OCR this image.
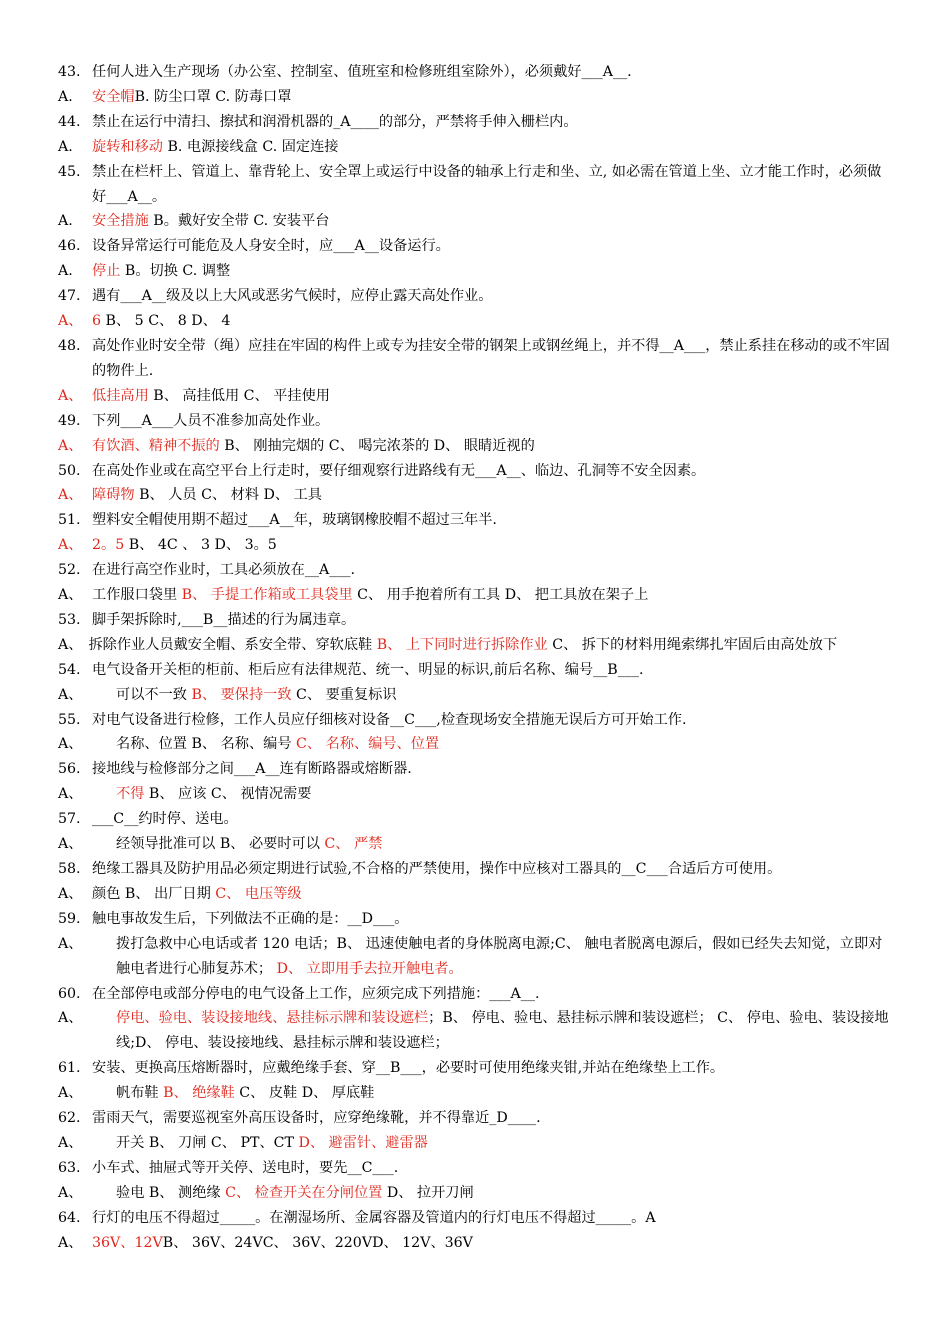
43. 任何人进入生产现场（办公室、控制室、值班室和检修班组室除外），必须戴好___A__.
A. 安全帽B. 防尘口罩 C. 防毒口罩
44. 禁止在运行中清扫、擦拭和润滑机器的_A____的部分，严禁将手伸入栅栏内。
A. 旋转和移动 B. 电源接线盒 C. 固定连接
45. 禁止在栏杆上、管道上、靠背轮上、安全罩上或运行中设备的轴承上行走和坐、立, 如必需在管道上坐、立才能工作时，必须做好___A__。
A. 安全措施 B。戴好安全带 C. 安装平台
46. 设备异常运行可能危及人身安全时，应___A__设备运行。
A. 停止 B。切换 C. 调整
47. 遇有___A__级及以上大风或恶劣气候时，应停止露天高处作业。
A、 6 B、 5 C、 8 D、 4
48. 高处作业时安全带（绳）应挂在牢固的构件上或专为挂安全带的钢架上或钢丝绳上，并不得__A___，禁止系挂在移动的或不牢固的物件上.
A、 低挂高用 B、 高挂低用 C、 平挂使用
49. 下列___A___人员不准参加高处作业。
A、 有饮酒、精神不振的 B、 刚抽完烟的 C、 喝完浓茶的 D、 眼睛近视的
50. 在高处作业或在高空平台上行走时，要仔细观察行进路线有无___A__、临边、孔洞等不安全因素。
A、 障碍物 B、 人员 C、 材料 D、 工具
51. 塑料安全帽使用期不超过___A__年，玻璃钢橡胶帽不超过三年半.
A、 2。5 B、 4C 、 3 D、 3。5
52. 在进行高空作业时，工具必须放在__A___.
A、 工作服口袋里 B、 手提工作箱或工具袋里 C、 用手抱着所有工具 D、 把工具放在架子上
53. 脚手架拆除时,___B__描述的行为属违章。
A、 拆除作业人员戴安全帽、系安全带、穿软底鞋 B、 上下同时进行拆除作业 C、 拆下的材料用绳索绑扎牢固后由高处放下
54. 电气设备开关柜的柜前、柜后应有法律规范、统一、明显的标识,前后名称、编号__B___.
A、 可以不一致 B、 要保持一致 C、 要重复标识
55. 对电气设备进行检修，工作人员应仔细核对设备__C___,检查现场安全措施无误后方可开始工作.
A、 名称、位置 B、 名称、编号 C、 名称、编号、位置
56. 接地线与检修部分之间___A__连有断路器或熔断器.
A、 不得 B、 应该 C、 视情况需要
57. ___C__约时停、送电。
A、 经领导批准可以 B、 必要时可以 C、 严禁
58. 绝缘工器具及防护用品必须定期进行试验,不合格的严禁使用，操作中应核对工器具的__C___合适后方可使用。
A、 颜色 B、 出厂日期 C、 电压等级
59. 触电事故发生后，下列做法不正确的是：__D___。
A、 拨打急救中心电话或者 120 电话；B、 迅速使触电者的身体脱离电源;C、 触电者脱离电源后，假如已经失去知觉，立即对触电者进行心肺复苏术； D、 立即用手去拉开触电者。
60. 在全部停电或部分停电的电气设备上工作，应须完成下列措施：___A__.
A、 停电、验电、装设接地线、悬挂标示牌和装设遮栏；B、 停电、验电、悬挂标示牌和装设遮栏； C、 停电、验电、装设接地线;D、 停电、装设接地线、悬挂标示牌和装设遮栏；
61. 安装、更换高压熔断器时，应戴绝缘手套、穿__B___，必要时可使用绝缘夹钳,并站在绝缘垫上工作。
A、 帆布鞋 B、 绝缘鞋 C、 皮鞋 D、 厚底鞋
62. 雷雨天气，需要巡视室外高压设备时，应穿绝缘靴，并不得靠近_D____.
A、 开关 B、 刀闸 C、 PT、CT D、 避雷针、避雷器
63. 小车式、抽屉式等开关停、送电时，要先__C___.
A、 验电 B、 测绝缘 C、 检查开关在分闸位置 D、 拉开刀闸
64. 行灯的电压不得超过_____。在潮湿场所、金属容器及管道内的行灯电压不得超过_____。A
A、 36V、12VB、 36V、24VC、 36V、220VD、 12V、36V
